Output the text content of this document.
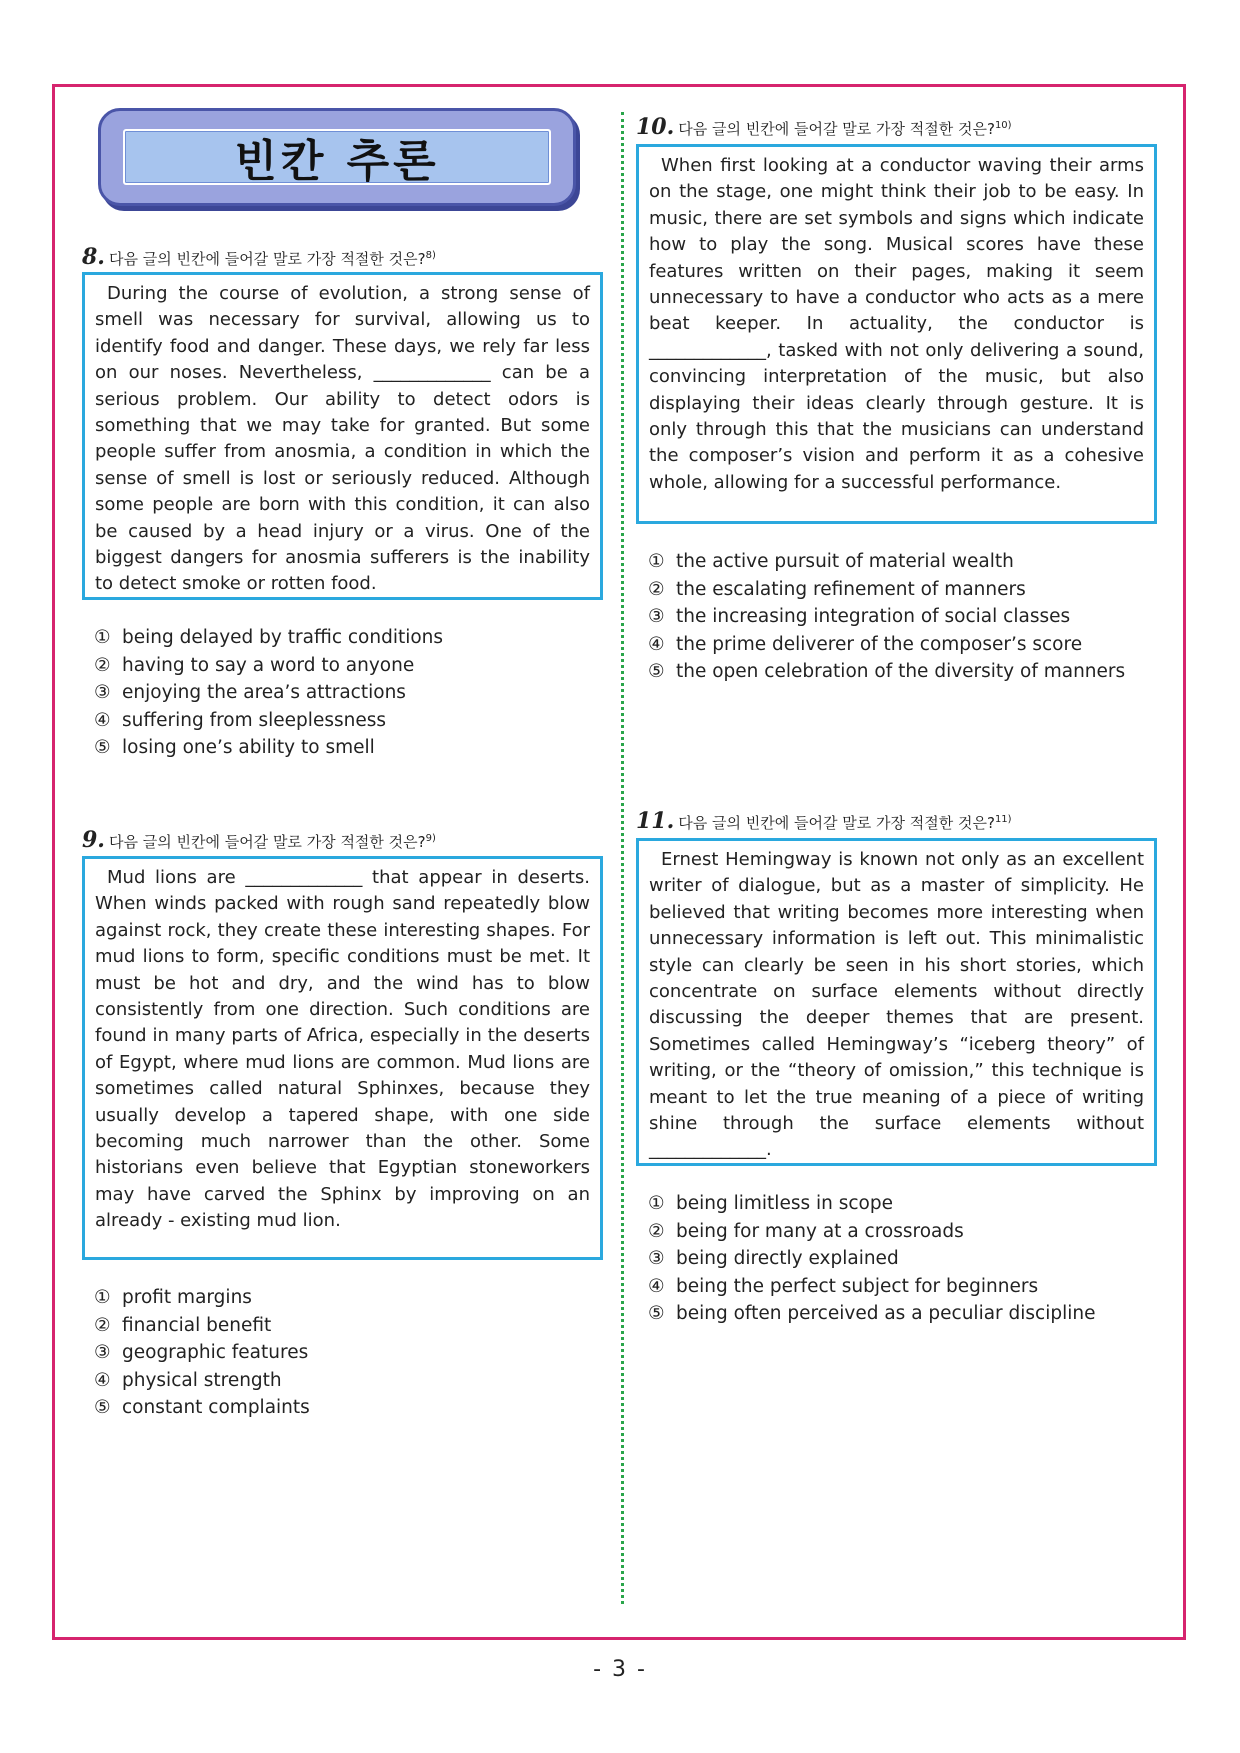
빈칸 추론
8. 다음 글의 빈칸에 들어갈 말로 가장 적절한 것은?$^{8)}$

During the course of evolution, a strong sense of smell was necessary for survival, allowing us to identify food and danger. These days, we rely far less on our noses. Nevertheless, _____________ can be a serious problem. Our ability to detect odors is something that we may take for granted. But some people suffer from anosmia, a condition in which the sense of smell is lost or seriously reduced. Although some people are born with this condition, it can also be caused by a head injury or a virus. One of the biggest dangers for anosmia sufferers is the inability to detect smoke or rotten food.

① being delayed by traffic conditions
② having to say a word to anyone
③ enjoying the area’s attractions
④ suffering from sleeplessness
⑤ losing one’s ability to smell
9. 다음 글의 빈칸에 들어갈 말로 가장 적절한 것은?$^{9)}$

Mud lions are _____________ that appear in deserts. When winds packed with rough sand repeatedly blow against rock, they create these interesting shapes. For mud lions to form, specific conditions must be met. It must be hot and dry, and the wind has to blow consistently from one direction. Such conditions are found in many parts of Africa, especially in the deserts of Egypt, where mud lions are common. Mud lions are sometimes called natural Sphinxes, because they usually develop a tapered shape, with one side becoming much narrower than the other. Some historians even believe that Egyptian stoneworkers may have carved the Sphinx by improving on an already - existing mud lion.

① profit margins
② financial benefit
③ geographic features
④ physical strength
⑤ constant complaints
10. 다음 글의 빈칸에 들어갈 말로 가장 적절한 것은?$^{10)}$

When first looking at a conductor waving their arms on the stage, one might think their job to be easy. In music, there are set symbols and signs which indicate how to play the song. Musical scores have these features written on their pages, making it seem unnecessary to have a conductor who acts as a mere beat keeper. In actuality, the conductor is _____________, tasked with not only delivering a sound, convincing interpretation of the music, but also displaying their ideas clearly through gesture. It is only through this that the musicians can understand the composer’s vision and perform it as a cohesive whole, allowing for a successful performance.

① the active pursuit of material wealth
② the escalating refinement of manners
③ the increasing integration of social classes
④ the prime deliverer of the composer’s score
⑤ the open celebration of the diversity of manners
11. 다음 글의 빈칸에 들어갈 말로 가장 적절한 것은?$^{11)}$

Ernest Hemingway is known not only as an excellent writer of dialogue, but as a master of simplicity. He believed that writing becomes more interesting when unnecessary information is left out. This minimalistic style can clearly be seen in his short stories, which concentrate on surface elements without directly discussing the deeper themes that are present. Sometimes called Hemingway’s “iceberg theory” of writing, or the “theory of omission,” this technique is meant to let the true meaning of a piece of writing shine through the surface elements without _____________.

① being limitless in scope
② being for many at a crossroads
③ being directly explained
④ being the perfect subject for beginners
⑤ being often perceived as a peculiar discipline
- 3 -
